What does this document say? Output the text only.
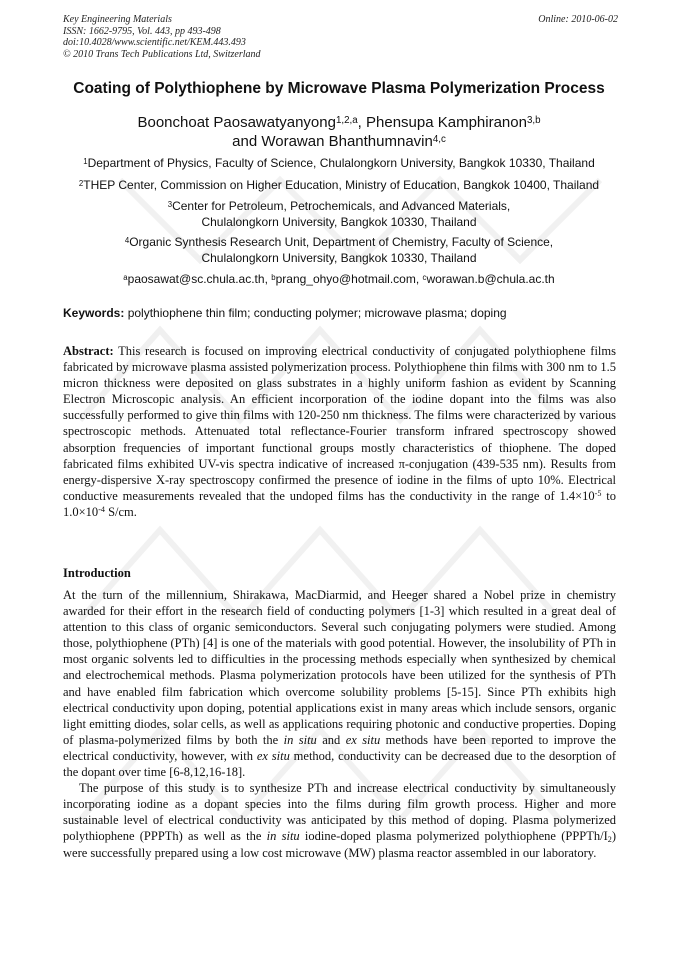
Key Engineering Materials
ISSN: 1662-9795, Vol. 443, pp 493-498
doi:10.4028/www.scientific.net/KEM.443.493
© 2010 Trans Tech Publications Ltd, Switzerland
Online: 2010-06-02
Coating of Polythiophene by Microwave Plasma Polymerization Process
Boonchoat Paosawatyanyong$^{1,2,a}$, Phensupa Kamphiranon$^{3,b}$
and Worawan Bhanthumnavin$^{4,c}$
$^1$Department of Physics, Faculty of Science, Chulalongkorn University, Bangkok 10330, Thailand
$^2$THEP Center, Commission on Higher Education, Ministry of Education, Bangkok 10400, Thailand
$^3$Center for Petroleum, Petrochemicals, and Advanced Materials,
Chulalongkorn University, Bangkok 10330, Thailand
$^4$Organic Synthesis Research Unit, Department of Chemistry, Faculty of Science,
Chulalongkorn University, Bangkok 10330, Thailand
$^a$paosawat@sc.chula.ac.th, $^b$prang_ohyo@hotmail.com, $^c$worawan.b@chula.ac.th
Keywords: polythiophene thin film; conducting polymer; microwave plasma; doping

Abstract: This research is focused on improving electrical conductivity of conjugated polythiophene films fabricated by microwave plasma assisted polymerization process. Polythiophene thin films with 300 nm to 1.5 micron thickness were deposited on glass substrates in a highly uniform fashion as evident by Scanning Electron Microscopic analysis. An efficient incorporation of the iodine dopant into the films was also successfully performed to give thin films with 120-250 nm thickness. The films were characterized by various spectroscopic methods. Attenuated total reflectance-Fourier transform infrared spectroscopy showed absorption frequencies of important functional groups mostly characteristics of thiophene. The doped fabricated films exhibited UV-vis spectra indicative of increased π-conjugation (439-535 nm). Results from energy-dispersive X-ray spectroscopy confirmed the presence of iodine in the films of upto 10%. Electrical conductive measurements revealed that the undoped films has the conductivity in the range of $1.4\times 10^{-5}$ to $1.0\times 10^{-4}$ S/cm.

Introduction

At the turn of the millennium, Shirakawa, MacDiarmid, and Heeger shared a Nobel prize in chemistry awarded for their effort in the research field of conducting polymers [1-3] which resulted in a great deal of attention to this class of organic semiconductors. Several such conjugating polymers were studied. Among those, polythiophene (PTh) [4] is one of the materials with good potential. However, the insolubility of PTh in most organic solvents led to difficulties in the processing methods especially when synthesized by chemical and electrochemical methods. Plasma polymerization protocols have been utilized for the synthesis of PTh and have enabled film fabrication which overcome solubility problems [5-15]. Since PTh exhibits high electrical conductivity upon doping, potential applications exist in many areas which include sensors, organic light emitting diodes, solar cells, as well as applications requiring photonic and conductive properties. Doping of plasma-polymerized films by both the in situ and ex situ methods have been reported to improve the electrical conductivity, however, with ex situ method, conductivity can be decreased due to the desorption of the dopant over time [6-8,12,16-18].

The purpose of this study is to synthesize PTh and increase electrical conductivity by simultaneously incorporating iodine as a dopant species into the films during film growth process. Higher and more sustainable level of electrical conductivity was anticipated by this method of doping. Plasma polymerized polythiophene (PPPTh) as well as the in situ iodine-doped plasma polymerized polythiophene $(PPPTh/I_2)$ were successfully prepared using a low cost microwave (MW) plasma reactor assembled in our laboratory.
